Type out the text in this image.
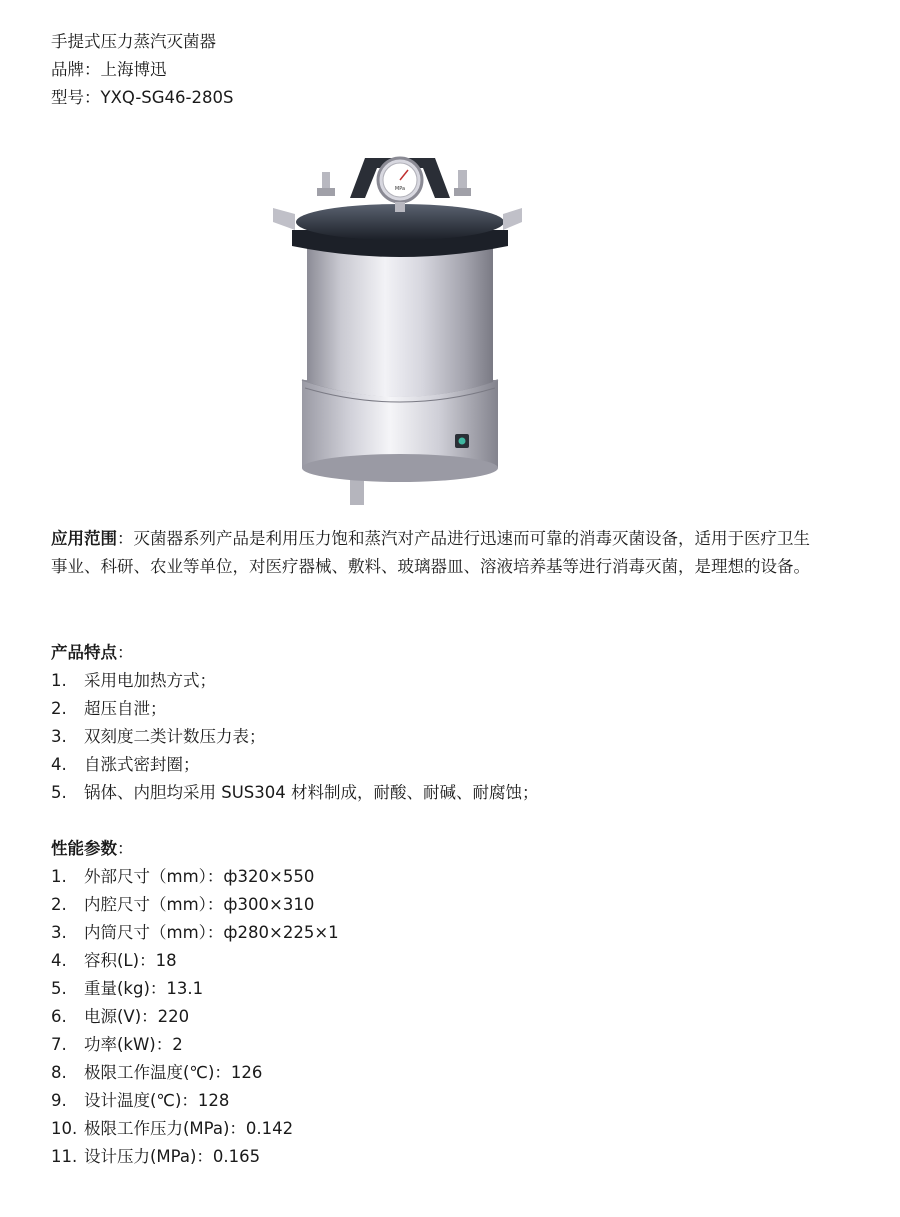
手提式压力蒸汽灭菌器
品牌：上海博迅
型号：YXQ-SG46-280S
MPa
应用范围：灭菌器系列产品是利用压力饱和蒸汽对产品进行迅速而可靠的消毒灭菌设备，适用于医疗卫生事业、科研、农业等单位，对医疗器械、敷料、玻璃器皿、溶液培养基等进行消毒灭菌，是理想的设备。
产品特点：
1.	采用电加热方式；
2.	超压自泄；
3.	双刻度二类计数压力表；
4.	自涨式密封圈；
5.	锅体、内胆均采用 SUS304 材料制成，耐酸、耐碱、耐腐蚀；
性能参数：
1.	外部尺寸（mm）：ф320×550
2.	内腔尺寸（mm）：ф300×310
3.	内筒尺寸（mm）：ф280×225×1
4.	容积(L)：18
5.	重量(kg)：13.1
6.	电源(V)：220
7.	功率(kW)：2
8.	极限工作温度(℃)：126
9.	设计温度(℃)：128
10. 极限工作压力(MPa)：0.142
11. 设计压力(MPa)：0.165
